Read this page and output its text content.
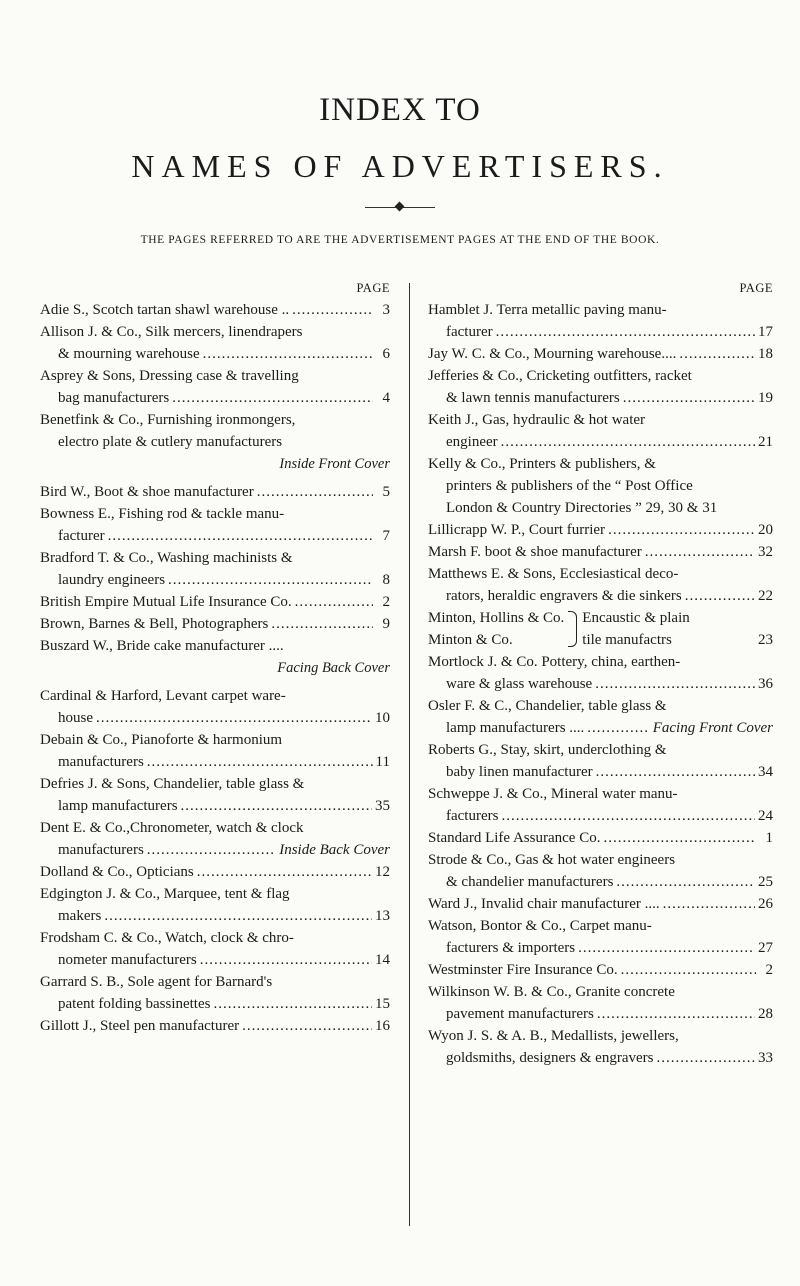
INDEX TO
NAMES OF ADVERTISERS.
THE PAGES REFERRED TO ARE THE ADVERTISEMENT PAGES AT THE END OF THE BOOK.
PAGE
Adie S., Scotch tartan shawl warehouse .. .....	3
Allison J. & Co., Silk mercers, linendrapers
& mourning warehouse .....	6
Asprey & Sons, Dressing case & travelling
bag manufacturers .....	4
Benetfink & Co., Furnishing ironmongers,
electro plate & cutlery manufacturers
Inside Front Cover
Bird W., Boot & shoe manufacturer .....	5
Bowness E., Fishing rod & tackle manu-
facturer .....	7
Bradford T. & Co., Washing machinists &
laundry engineers .....	8
British Empire Mutual Life Insurance Co. .....	2
Brown, Barnes & Bell, Photographers .....	9
Buszard W., Bride cake manufacturer ....
Facing Back Cover
Cardinal & Harford, Levant carpet ware-
house .....	10
Debain & Co., Pianoforte & harmonium
manufacturers .....	11
Defries J. & Sons, Chandelier, table glass &
lamp manufacturers .....	35
Dent E. & Co.,Chronometer, watch & clock
manufacturers .....	Inside Back Cover
Dolland & Co., Opticians .....	12
Edgington J. & Co., Marquee, tent & flag
makers .....	13
Frodsham C. & Co., Watch, clock & chro-
nometer manufacturers .....	14
Garrard S. B., Sole agent for Barnard's
patent folding bassinettes .....	15
Gillott J., Steel pen manufacturer .....	16
PAGE
Hamblet J. Terra metallic paving manu-
facturer .....	17
Jay W. C. & Co., Mourning warehouse.... .....	18
Jefferies & Co., Cricketing outfitters, racket
& lawn tennis manufacturers .....	19
Keith J., Gas, hydraulic & hot water
engineer .....	21
Kelly & Co., Printers & publishers, &
printers & publishers of the “ Post Office
London & Country Directories ” 29, 30 & 31
Lillicrapp W. P., Court furrier .....	20
Marsh F. boot & shoe manufacturer .....	32
Matthews E. & Sons, Ecclesiastical deco-
rators, heraldic engravers & die sinkers .....	22
Minton, Hollins & Co.
Minton & Co.
Encaustic & plain
tile manufactrs	23
Mortlock J. & Co. Pottery, china, earthen-
ware & glass warehouse .....	36
Osler F. & C., Chandelier, table glass &
lamp manufacturers .... .....	Facing Front Cover
Roberts G., Stay, skirt, underclothing &
baby linen manufacturer .....	34
Schweppe J. & Co., Mineral water manu-
facturers .....	24
Standard Life Assurance Co. .....	1
Strode & Co., Gas & hot water engineers
& chandelier manufacturers .....	25
Ward J., Invalid chair manufacturer .... .....	26
Watson, Bontor & Co., Carpet manu-
facturers & importers .....	27
Westminster Fire Insurance Co. .....	2
Wilkinson W. B. & Co., Granite concrete
pavement manufacturers .....	28
Wyon J. S. & A. B., Medallists, jewellers,
goldsmiths, designers & engravers .....	33
